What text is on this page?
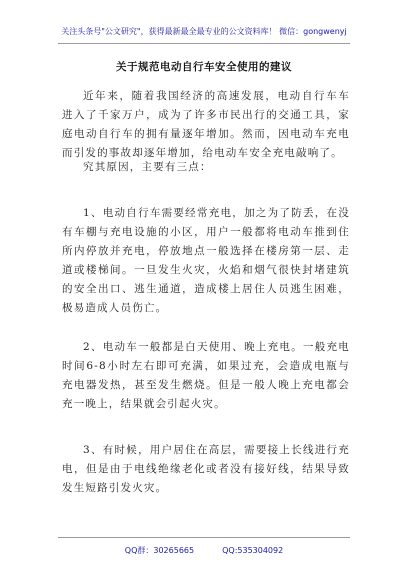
关注头条号"公文研究"，获得最新最全最专业的公文资料库！ 微信：gongwenyj
关于规范电动自行车安全使用的建议
近年来，随着我国经济的高速发展，电动自行车车进入了千家万户，成为了许多市民出行的交通工具，家庭电动自行车的拥有量逐年增加。然而，因电动车充电而引发的事故却逐年增加，给电动车安全充电敲响了。
究其原因，主要有三点：
1、电动自行车需要经常充电，加之为了防丢，在没有车棚与充电设施的小区，用户一般都将电动车推到住所内停放并充电，停放地点一般选择在楼房第一层、走道或楼梯间。一旦发生火灾，火焰和烟气很快封堵建筑的安全出口、逃生通道，造成楼上居住人员逃生困难，极易造成人员伤亡。
2、电动车一般都是白天使用、晚上充电。一般充电时间6-8小时左右即可充满，如果过充，会造成电瓶与充电器发热，甚至发生燃烧。但是一般人晚上充电都会充一晚上，结果就会引起火灾。
3、有时候，用户居住在高层，需要接上长线进行充电，但是由于电线绝缘老化或者没有接好线，结果导致发生短路引发火灾。
QQ群：30265665	QQ:535304092
